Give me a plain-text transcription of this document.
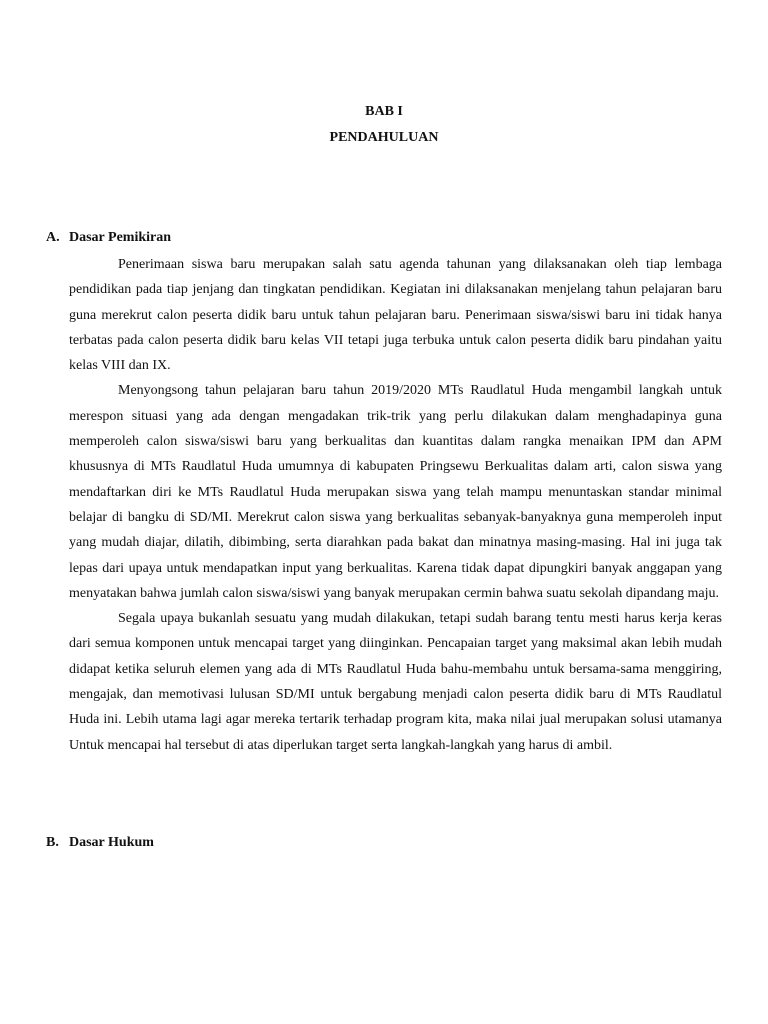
BAB I
PENDAHULUAN
A. Dasar Pemikiran

Penerimaan siswa baru merupakan salah satu agenda tahunan yang dilaksanakan oleh tiap lembaga pendidikan pada tiap jenjang dan tingkatan pendidikan. Kegiatan ini dilaksanakan menjelang tahun pelajaran baru guna merekrut calon peserta didik baru untuk tahun pelajaran baru. Penerimaan siswa/siswi baru ini tidak hanya terbatas pada calon peserta didik baru kelas VII tetapi juga terbuka untuk calon peserta didik baru pindahan yaitu kelas VIII dan IX.

Menyongsong tahun pelajaran baru tahun 2019/2020 MTs Raudlatul Huda mengambil langkah untuk merespon situasi yang ada dengan mengadakan trik-trik yang perlu dilakukan dalam menghadapinya guna memperoleh calon siswa/siswi baru yang berkualitas dan kuantitas dalam rangka menaikan IPM dan APM khususnya di MTs Raudlatul Huda umumnya di kabupaten Pringsewu Berkualitas dalam arti, calon siswa yang mendaftarkan diri ke MTs Raudlatul Huda merupakan siswa yang telah mampu menuntaskan standar minimal belajar di bangku di SD/MI. Merekrut calon siswa yang berkualitas sebanyak-banyaknya guna memperoleh input yang mudah diajar, dilatih, dibimbing, serta diarahkan pada bakat dan minatnya masing-masing. Hal ini juga tak lepas dari upaya untuk mendapatkan input yang berkualitas. Karena tidak dapat dipungkiri banyak anggapan yang menyatakan bahwa jumlah calon siswa/siswi yang banyak merupakan cermin bahwa suatu sekolah dipandang maju.

Segala upaya bukanlah sesuatu yang mudah dilakukan, tetapi sudah barang tentu mesti harus kerja keras dari semua komponen untuk mencapai target yang diinginkan. Pencapaian target yang maksimal akan lebih mudah didapat ketika seluruh elemen yang ada di MTs Raudlatul Huda bahu-membahu untuk bersama-sama menggiring, mengajak, dan memotivasi lulusan SD/MI untuk bergabung menjadi calon peserta didik baru di MTs Raudlatul Huda ini. Lebih utama lagi agar mereka tertarik terhadap program kita, maka nilai jual merupakan solusi utamanya Untuk mencapai hal tersebut di atas diperlukan target serta langkah-langkah yang harus di ambil.

B. Dasar Hukum
